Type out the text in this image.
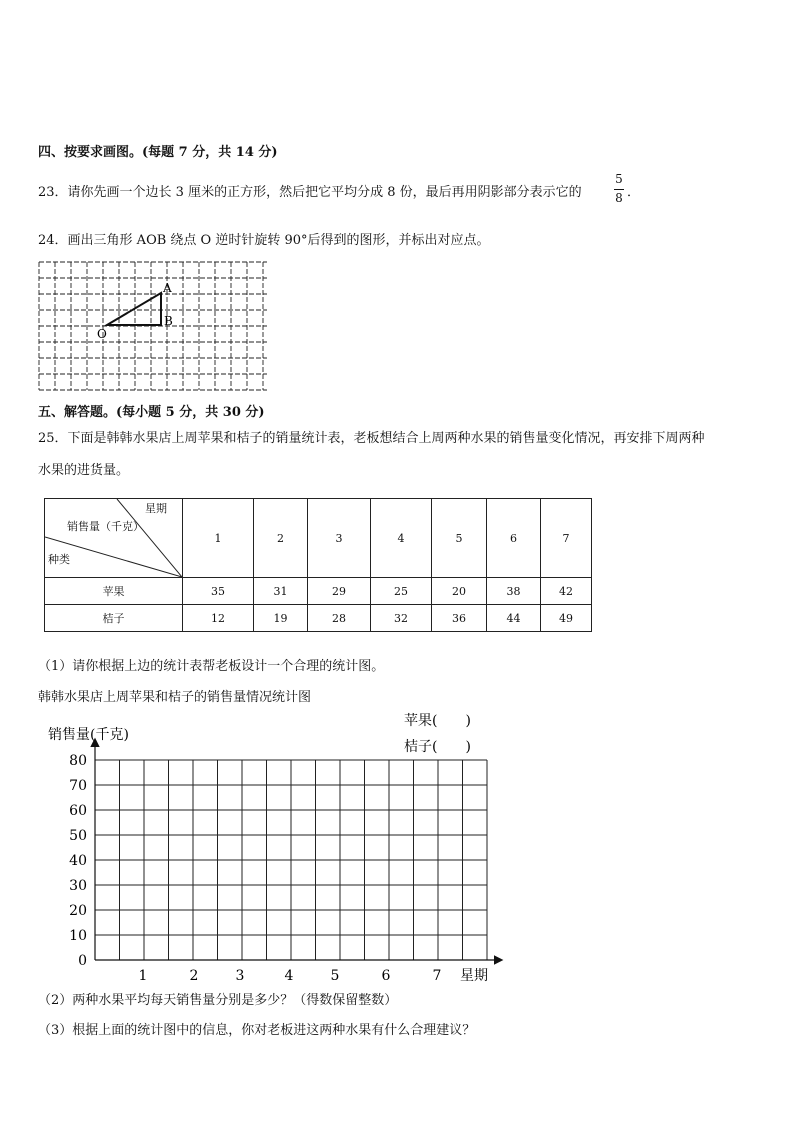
四、按要求画图。(每题 7 分，共 14 分)
23．请你先画一个边长 3 厘米的正方形，然后把它平均分成 8 份，最后再用阴影部分表示它的
5
8 ．
24．画出三角形 AOB 绕点 O 逆时针旋转 90°后得到的图形，并标出对应点。
A
B
O
五、解答题。(每小题 5 分，共 30 分)
25．下面是韩韩水果店上周苹果和桔子的销量统计表，老板想结合上周两种水果的销售量变化情况，再安排下周两种
水果的进货量。
星期
销售量（千克）
种类	1	2	3	4	5	6	7
苹果	35	31	29	25	20	38	42
桔子	12	19	28	32	36	44	49
（1）请你根据上边的统计表帮老板设计一个合理的统计图。
韩韩水果店上周苹果和桔子的销售量情况统计图
销售量(千克)
苹果(　　)
桔子(　　)
0
10
20
30
40
50
60
70
80
1	2	3	4	5	6	7 星期
（2）两种水果平均每天销售量分别是多少？（得数保留整数）
（3）根据上面的统计图中的信息，你对老板进这两种水果有什么合理建议？
